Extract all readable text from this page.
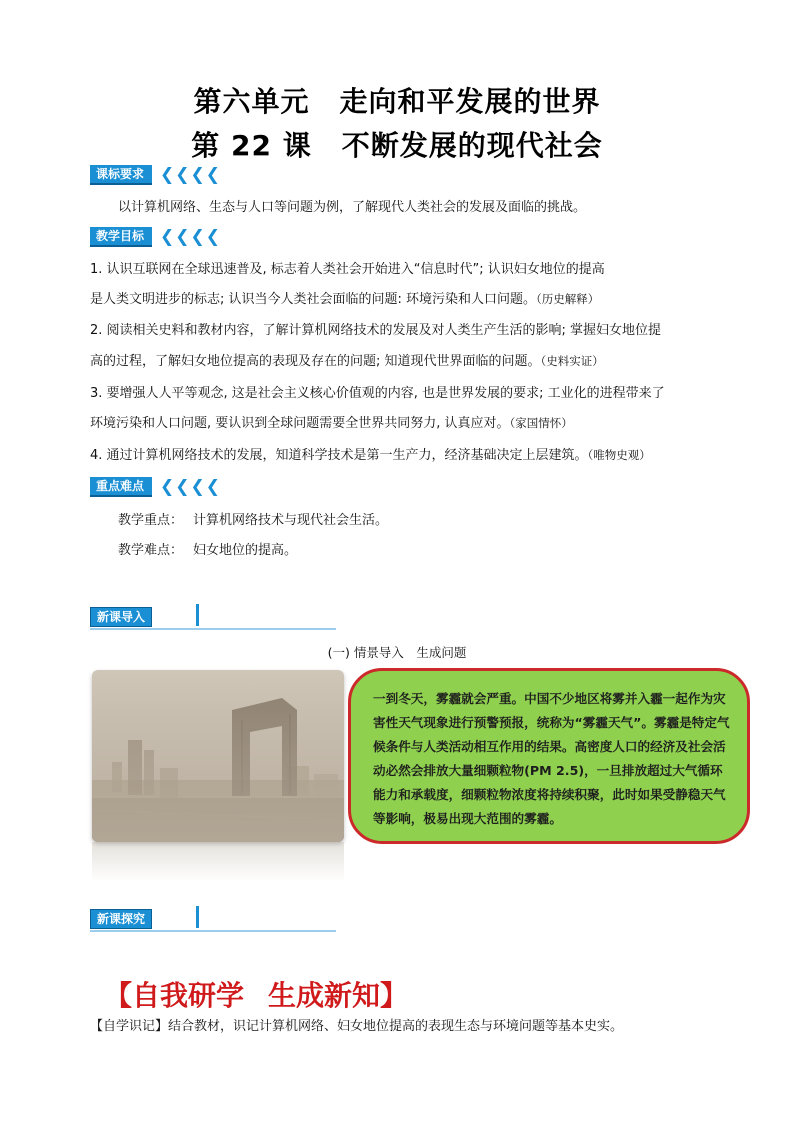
第六单元 走向和平发展的世界
第 22 课 不断发展的现代社会
课标要求 ❮❮❮❮
以计算机网络、生态与人口等问题为例，了解现代人类社会的发展及面临的挑战。
教学目标 ❮❮❮❮
1. 认识互联网在全球迅速普及, 标志着人类社会开始进入“信息时代”; 认识妇女地位的提高
是人类文明进步的标志; 认识当今人类社会面临的问题: 环境污染和人口问题。（历史解释）
2. 阅读相关史料和教材内容，了解计算机网络技术的发展及对人类生产生活的影响; 掌握妇女地位提
高的过程，了解妇女地位提高的表现及存在的问题; 知道现代世界面临的问题。（史料实证）
3. 要增强人人平等观念, 这是社会主义核心价值观的内容, 也是世界发展的要求; 工业化的进程带来了
环境污染和人口问题, 要认识到全球问题需要全世界共同努力, 认真应对。（家国情怀）
4. 通过计算机网络技术的发展，知道科学技术是第一生产力，经济基础决定上层建筑。（唯物史观）
重点难点 ❮❮❮❮
教学重点： 计算机网络技术与现代社会生活。
教学难点： 妇女地位的提高。
新课导入
(一) 情景导入　生成问题
一到冬天，雾霾就会严重。中国不少地区将雾并入霾一起作为灾害性天气现象进行预警预报，统称为“雾霾天气”。雾霾是特定气候条件与人类活动相互作用的结果。高密度人口的经济及社会活动必然会排放大量细颗粒物(PM 2.5)，一旦排放超过大气循环能力和承载度，细颗粒物浓度将持续积聚，此时如果受静稳天气等影响，极易出现大范围的雾霾。
新课探究
【自我研学 生成新知】
【自学识记】结合教材，识记计算机网络、妇女地位提高的表现生态与环境问题等基本史实。
